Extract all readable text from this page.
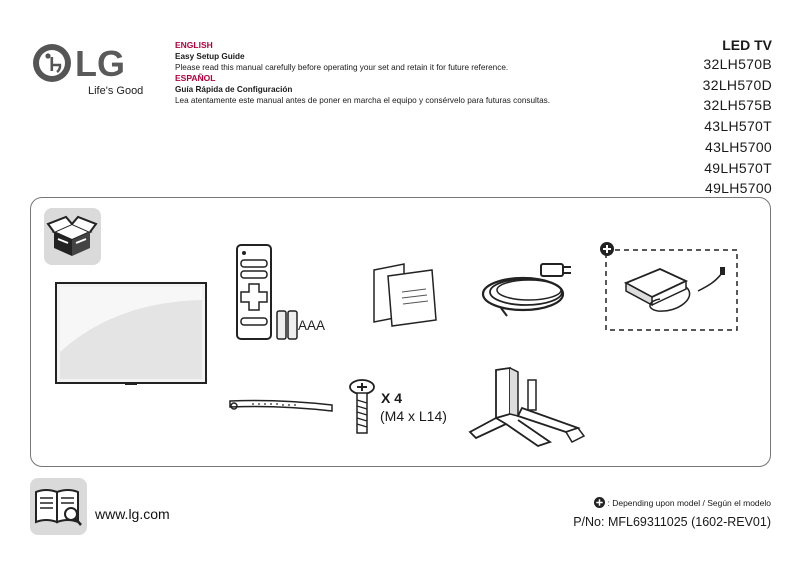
LG
Life's Good
ENGLISH
Easy Setup Guide
Please read this manual carefully before operating your set and retain it for future reference.
ESPAÑOL
Guía Rápida de Configuración
Lea atentamente este manual antes de poner en marcha el equipo y consérvelo para futuras consultas.
LED TV
32LH570B
32LH570D
32LH575B
43LH570T
43LH5700
49LH570T
49LH5700
AAA
X 4
(M4 x L14)
www.lg.com
: Depending upon model / Según el modelo
P/No: MFL69311025 (1602-REV01)
